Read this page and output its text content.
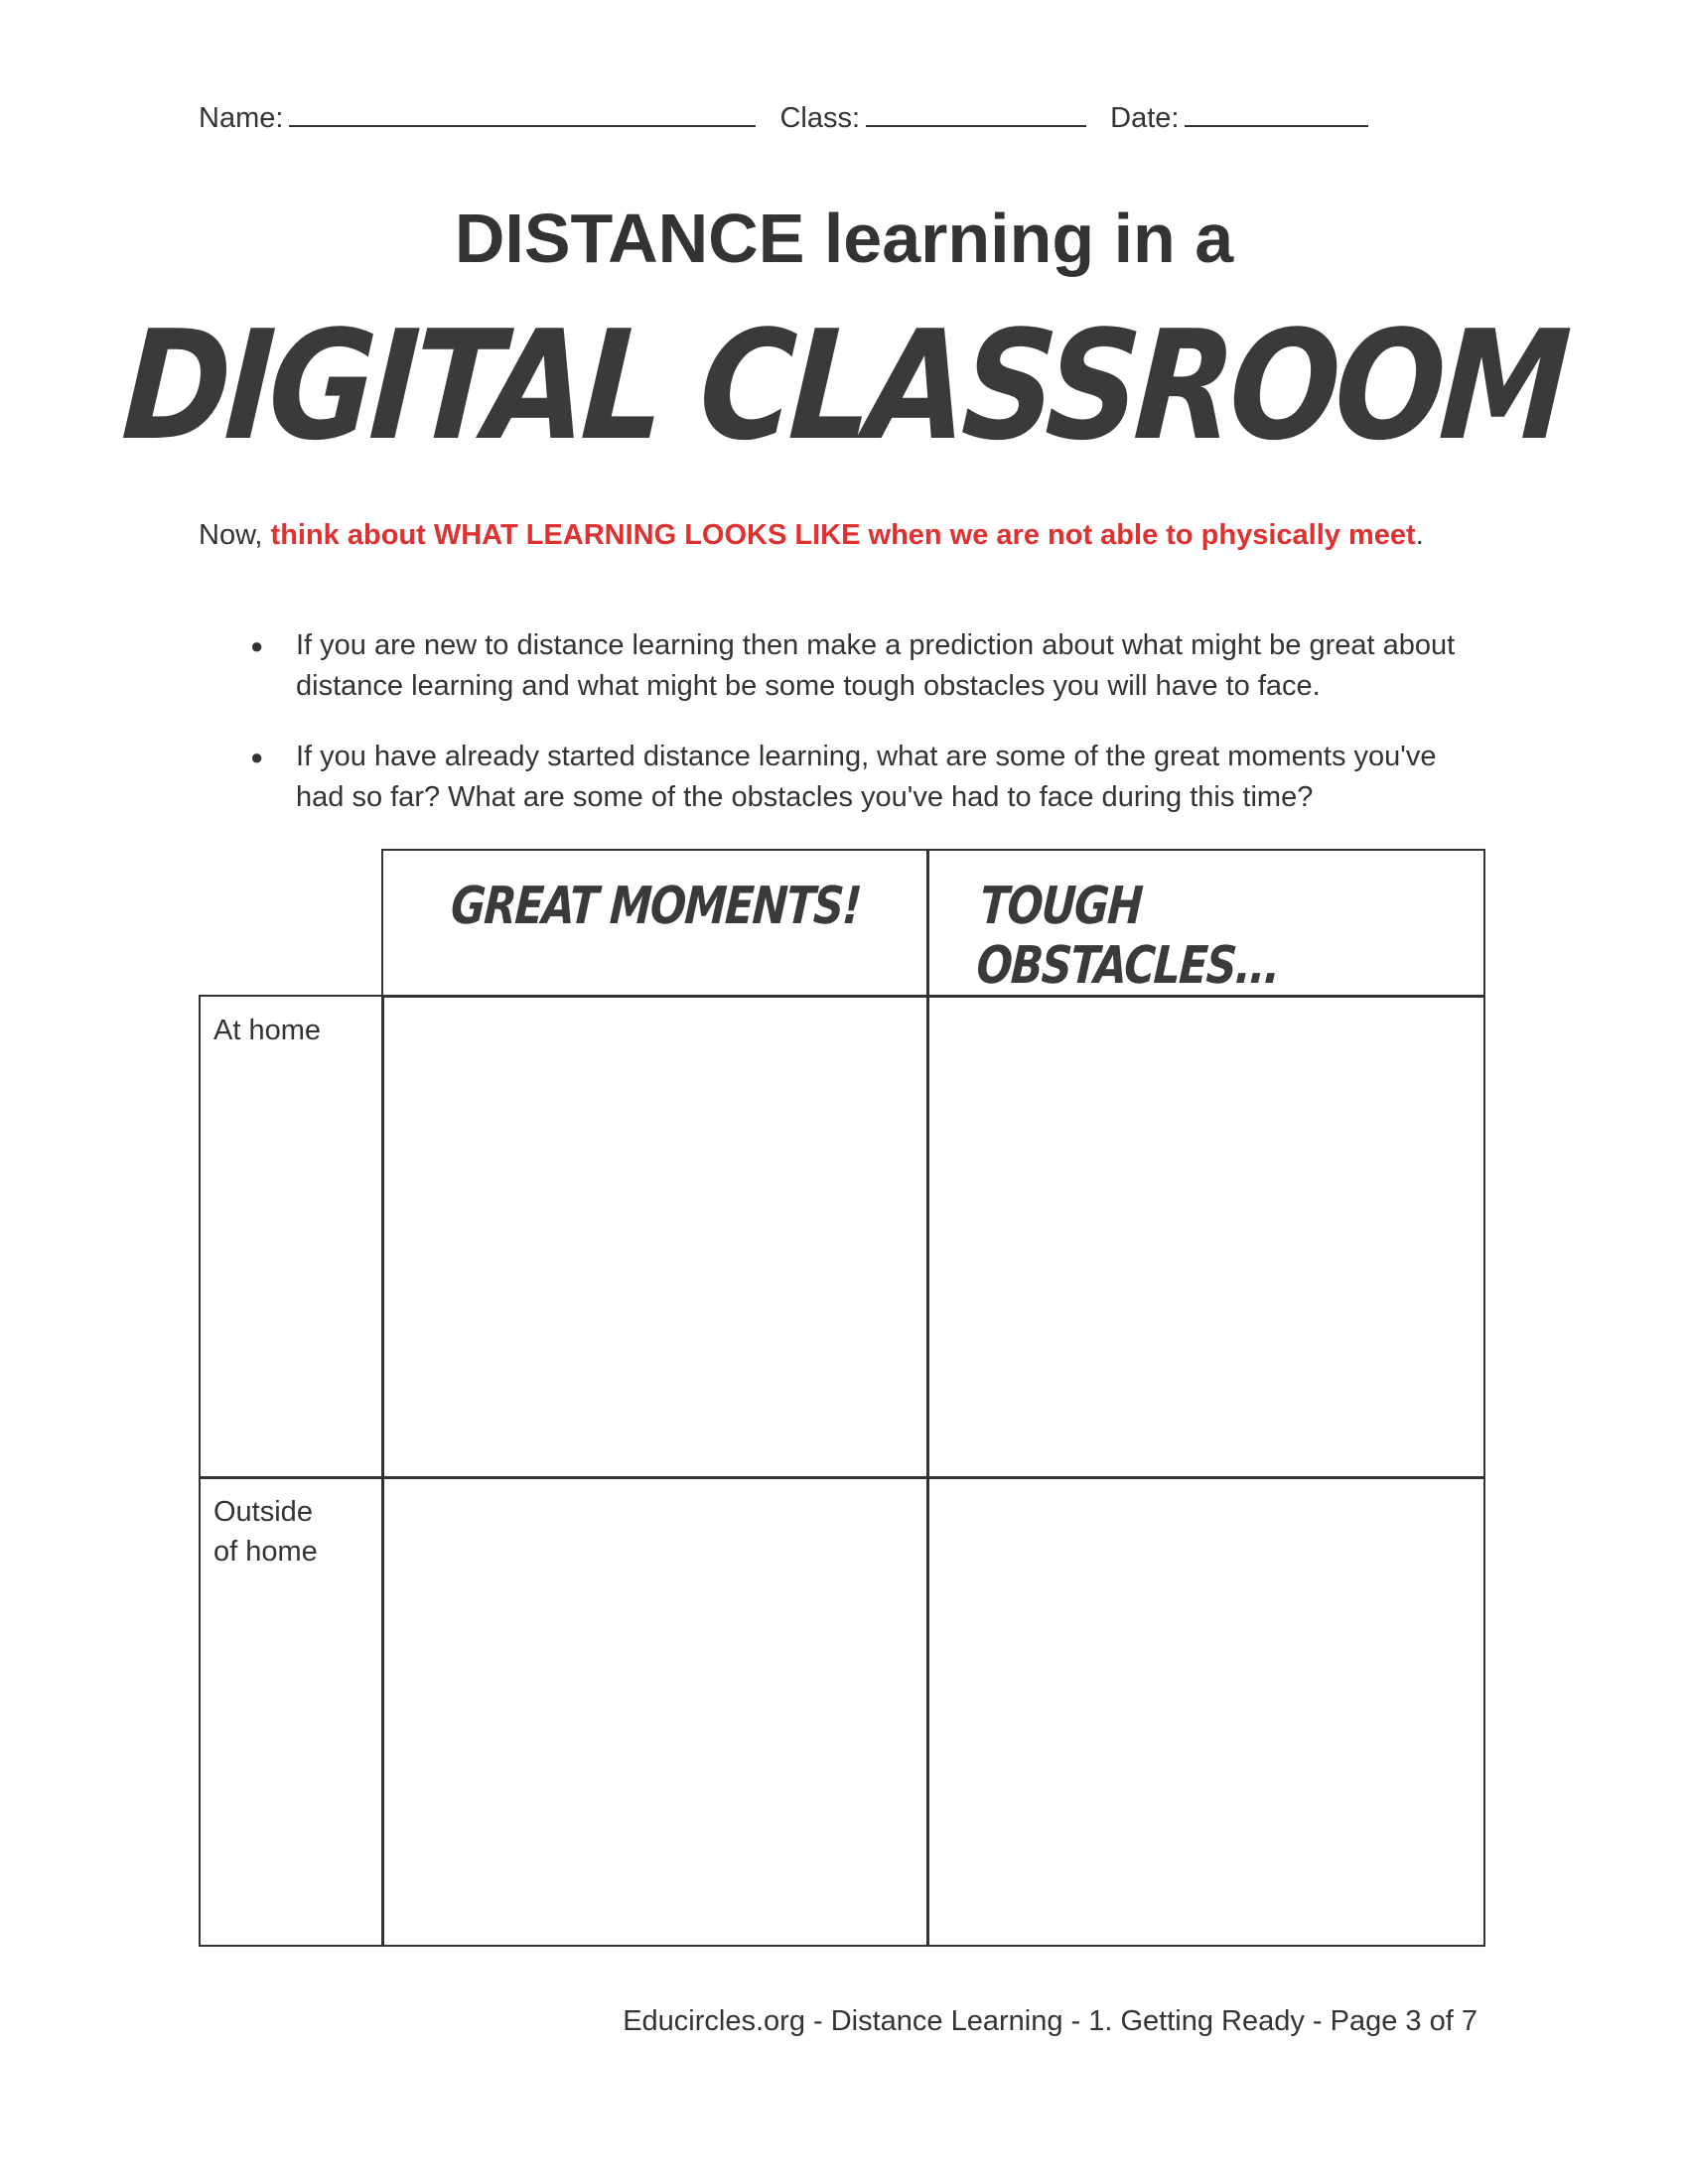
Name:	Class:	Date:
DISTANCE learning in a
DIGITAL CLASSROOM
Now, think about WHAT LEARNING LOOKS LIKE when we are not able to physically meet.
● If you are new to distance learning then make a prediction about what might be great about distance learning and what might be some tough obstacles you will have to face.
● If you have already started distance learning, what are some of the great moments you've had so far? What are some of the obstacles you've had to face during this time?
GREAT MOMENTS! TOUGH OBSTACLES...
At home
Outside
of home
Educircles.org - Distance Learning - 1. Getting Ready - Page 3 of 7
